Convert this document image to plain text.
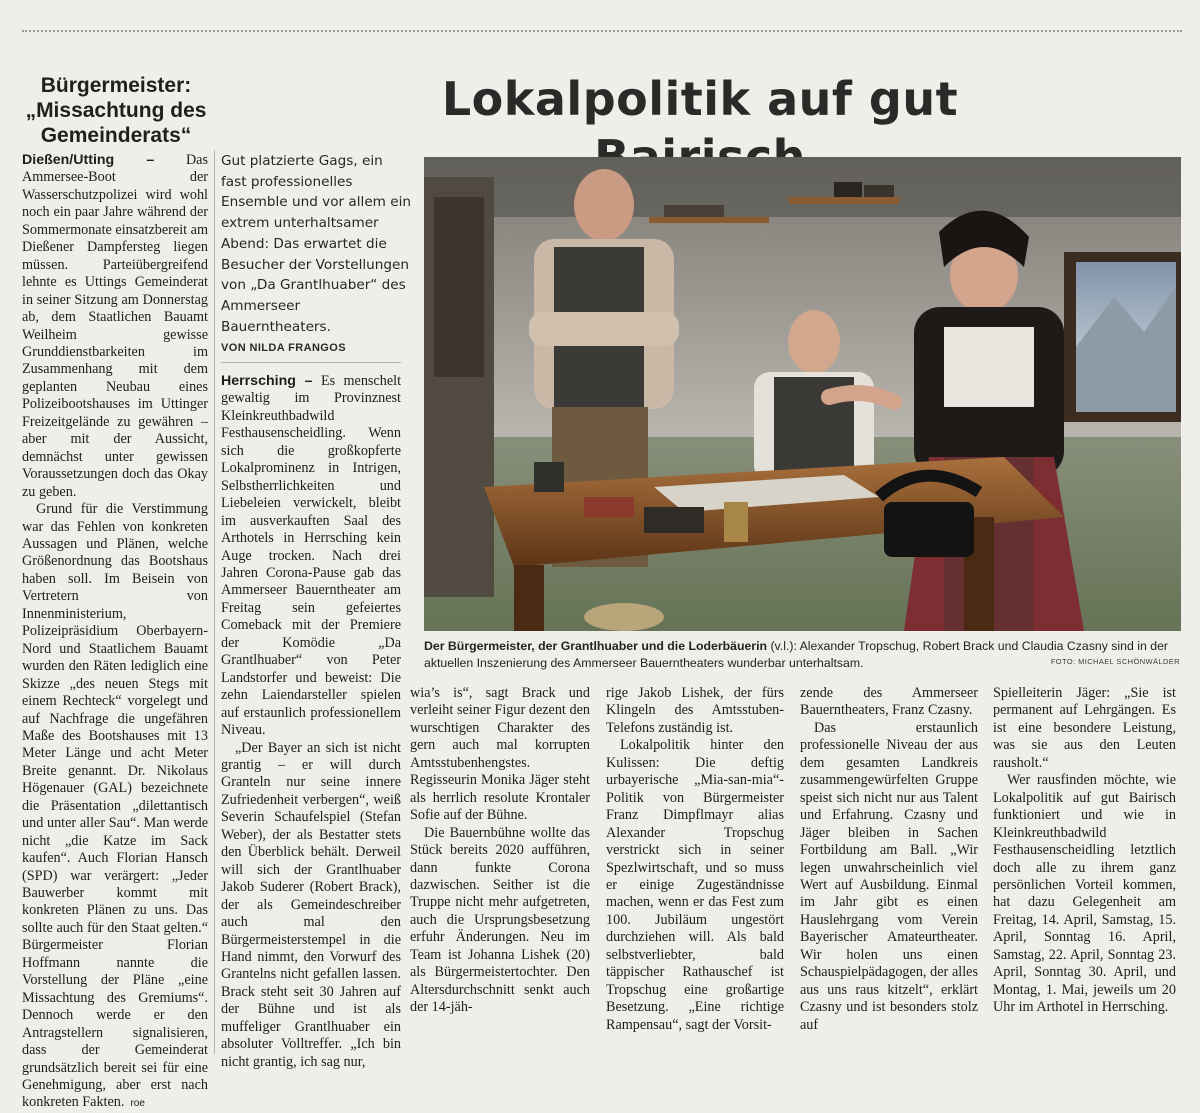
Bürgermeister:
„Missachtung des
Gemeinderats“

Dießen/Utting – Das Ammersee-Boot der Wasserschutzpolizei wird wohl noch ein paar Jahre während der Sommermonate einsatzbereit am Dießener Dampfersteg liegen müssen. Parteiübergreifend lehnte es Uttings Gemeinderat in seiner Sitzung am Donnerstag ab, dem Staatlichen Bauamt Weilheim gewisse Grunddienstbarkeiten im Zusammenhang mit dem geplanten Neubau eines Polizeibootshauses im Uttinger Freizeitgelände zu gewähren – aber mit der Aussicht, demnächst unter gewissen Voraussetzungen doch das Okay zu geben.

Grund für die Verstimmung war das Fehlen von konkreten Aussagen und Plänen, welche Größenordnung das Bootshaus haben soll. Im Beisein von Vertretern von Innenministerium, Polizeipräsidium Oberbayern-Nord und Staatlichem Bauamt wurden den Räten lediglich eine Skizze „des neuen Stegs mit einem Rechteck“ vorgelegt und auf Nachfrage die ungefähren Maße des Bootshauses mit 13 Meter Länge und acht Meter Breite genannt. Dr. Nikolaus Högenauer (GAL) bezeichnete die Präsentation „dilettantisch und unter aller Sau“. Man werde nicht „die Katze im Sack kaufen“. Auch Florian Hansch (SPD) war verärgert: „Jeder Bauwerber kommt mit konkreten Plänen zu uns. Das sollte auch für den Staat gelten.“ Bürgermeister Florian Hoffmann nannte die Vorstellung der Pläne „eine Missachtung des Gremiums“. Dennoch werde er den Antragstellern signalisieren, dass der Gemeinderat grundsätzlich bereit sei für eine Genehmigung, aber erst nach konkreten Fakten. roe

Lokalpolitik auf gut
Gut platzierte Gags, ein fast professionelles Ensemble und vor allem ein extrem unterhaltsamer Abend: Das erwartet die Besucher der Vorstellungen von „Da Grantlhuaber“ des Ammerseer Bauerntheaters.
VON NILDA FRANGOS
Der Bürgermeister, der Grantlhuaber und die Loderbäuerin (v.l.): Alexander Tropschug, Robert Brack und Claudia Czasny sind in der aktuellen Inszenierung des Ammerseer Bauerntheaters wunderbar unterhaltsam.	FOTO: MICHAEL SCHÖNWÄLDER

Herrsching – Es menschelt gewaltig im Provinznest Kleinkreuthbadwild Festhausenscheidling. Wenn sich die großkopferte Lokalprominenz in Intrigen, Selbstherrlichkeiten und Liebeleien verwickelt, bleibt im ausverkauften Saal des Arthotels in Herrsching kein Auge trocken. Nach drei Jahren Corona-Pause gab das Ammerseer Bauerntheater am Freitag sein gefeiertes Comeback mit der Premiere der Komödie „Da Grantlhuaber“ von Peter Landstorfer und beweist: Die zehn Laiendarsteller spielen auf erstaunlich professionellem Niveau.

„Der Bayer an sich ist nicht grantig – er will durch Granteln nur seine innere Zufriedenheit verbergen“, weiß Severin Schaufelspiel (Stefan Weber), der als Bestatter stets den Überblick behält. Derweil will sich der Grantlhuaber Jakob Suderer (Robert Brack), der als Gemeindeschreiber auch mal den Bürgermeisterstempel in die Hand nimmt, den Vorwurf des Grantelns nicht gefallen lassen. Brack steht seit 30 Jahren auf der Bühne und ist als muffeliger Grantlhuaber ein absoluter Volltreffer. „Ich bin nicht grantig, ich sag nur,

wia’s is“, sagt Brack und verleiht seiner Figur dezent den wurschtigen Charakter des gern auch mal korrupten Amtsstubenhengstes. Regisseurin Monika Jäger steht als herrlich resolute Krontaler Sofie auf der Bühne.

Die Bauernbühne wollte das Stück bereits 2020 aufführen, dann funkte Corona dazwischen. Seither ist die Truppe nicht mehr aufgetreten, auch die Ursprungsbesetzung erfuhr Änderungen. Neu im Team ist Johanna Lishek (20) als Bürgermeistertochter. Den Altersdurchschnitt senkt auch der 14-jäh-

rige Jakob Lishek, der fürs Klingeln des Amtsstuben-Telefons zuständig ist.

Lokalpolitik hinter den Kulissen: Die deftig urbayerische „Mia-san-mia“-Politik von Bürgermeister Franz Dimpflmayr alias Alexander Tropschug verstrickt sich in seiner Spezlwirtschaft, und so muss er einige Zugeständnisse machen, wenn er das Fest zum 100. Jubiläum ungestört durchziehen will. Als bald selbstverliebter, bald täppischer Rathauschef ist Tropschug eine großartige Besetzung. „Eine richtige Rampensau“, sagt der Vorsit-

zende des Ammerseer Bauerntheaters, Franz Czasny.

Das erstaunlich professionelle Niveau der aus dem gesamten Landkreis zusammengewürfelten Gruppe speist sich nicht nur aus Talent und Erfahrung. Czasny und Jäger bleiben in Sachen Fortbildung am Ball. „Wir legen unwahrscheinlich viel Wert auf Ausbildung. Einmal im Jahr gibt es einen Hauslehrgang vom Verein Bayerischer Amateurtheater. Wir holen uns einen Schauspielpädagogen, der alles aus uns raus kitzelt“, erklärt Czasny und ist besonders stolz auf

Spielleiterin Jäger: „Sie ist permanent auf Lehrgängen. Es ist eine besondere Leistung, was sie aus den Leuten rausholt.“

Wer rausfinden möchte, wie Lokalpolitik auf gut Bairisch funktioniert und wie in Kleinkreuthbadwild Festhausenscheidling letztlich doch alle zu ihrem ganz persönlichen Vorteil kommen, hat dazu Gelegenheit am Freitag, 14. April, Samstag, 15. April, Sonntag 16. April, Samstag, 22. April, Sonntag 23. April, Sonntag 30. April, und Montag, 1. Mai, jeweils um 20 Uhr im Arthotel in Herrsching.
